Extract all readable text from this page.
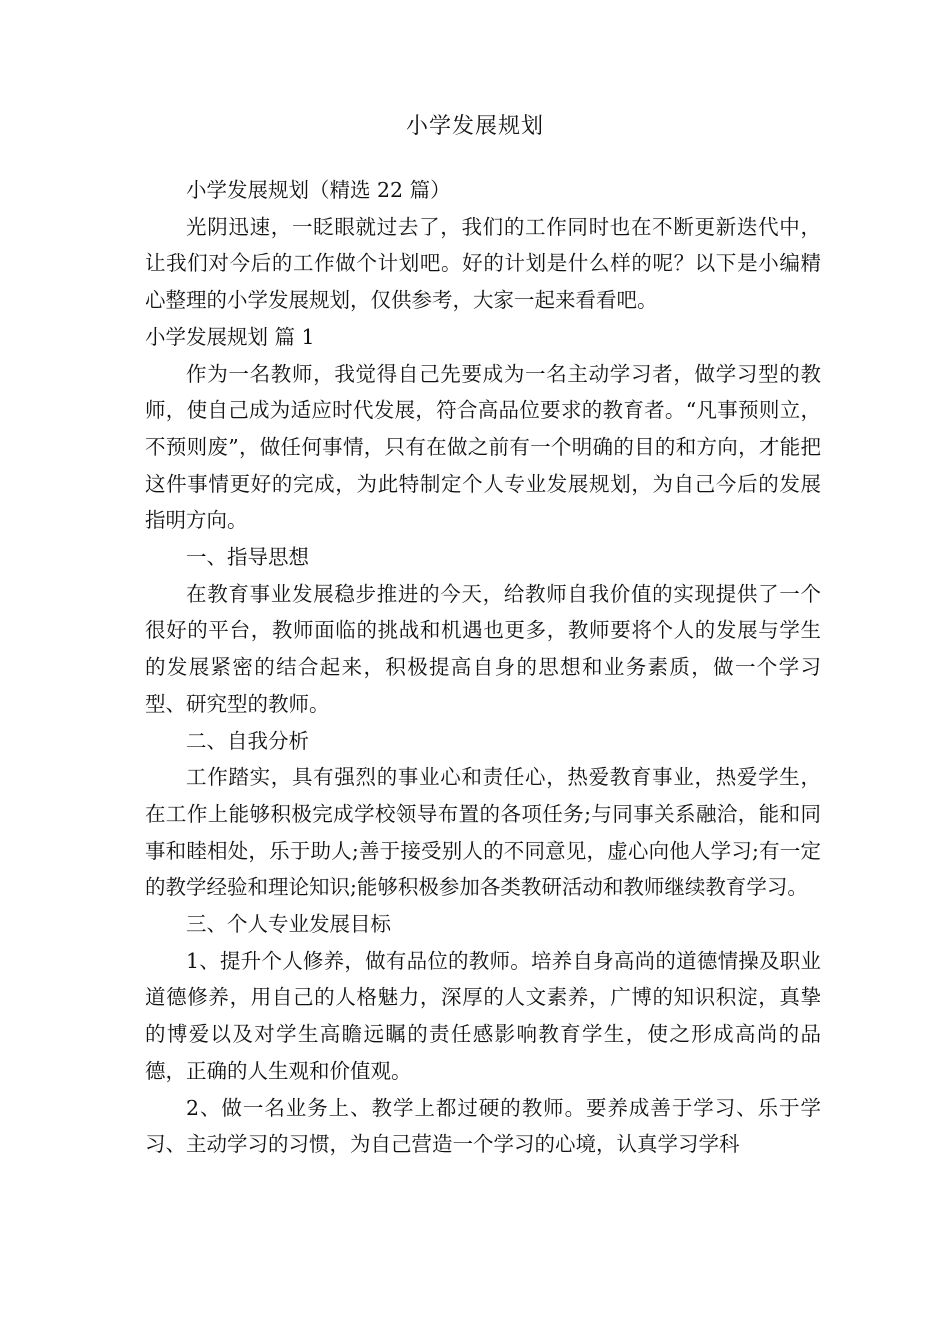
小学发展规划

小学发展规划（精选 22 篇）

光阴迅速，一眨眼就过去了，我们的工作同时也在不断更新迭代中，让我们对今后的工作做个计划吧。好的计划是什么样的呢？以下是小编精心整理的小学发展规划，仅供参考，大家一起来看看吧。

小学发展规划 篇 1

作为一名教师，我觉得自己先要成为一名主动学习者，做学习型的教师，使自己成为适应时代发展，符合高品位要求的教育者。“凡事预则立，不预则废”，做任何事情，只有在做之前有一个明确的目的和方向，才能把这件事情更好的完成，为此特制定个人专业发展规划，为自己今后的发展指明方向。

一、指导思想

在教育事业发展稳步推进的今天，给教师自我价值的实现提供了一个很好的平台，教师面临的挑战和机遇也更多，教师要将个人的发展与学生的发展紧密的结合起来，积极提高自身的思想和业务素质，做一个学习型、研究型的教师。

二、自我分析

工作踏实，具有强烈的事业心和责任心，热爱教育事业，热爱学生，在工作上能够积极完成学校领导布置的各项任务;与同事关系融洽，能和同事和睦相处，乐于助人;善于接受别人的不同意见，虚心向他人学习;有一定的教学经验和理论知识;能够积极参加各类教研活动和教师继续教育学习。

三、个人专业发展目标

1、提升个人修养，做有品位的教师。培养自身高尚的道德情操及职业道德修养，用自己的人格魅力，深厚的人文素养，广博的知识积淀，真挚的博爱以及对学生高瞻远瞩的责任感影响教育学生，使之形成高尚的品德，正确的人生观和价值观。

2、做一名业务上、教学上都过硬的教师。要养成善于学习、乐于学习、主动学习的习惯，为自己营造一个学习的心境，认真学习学科
